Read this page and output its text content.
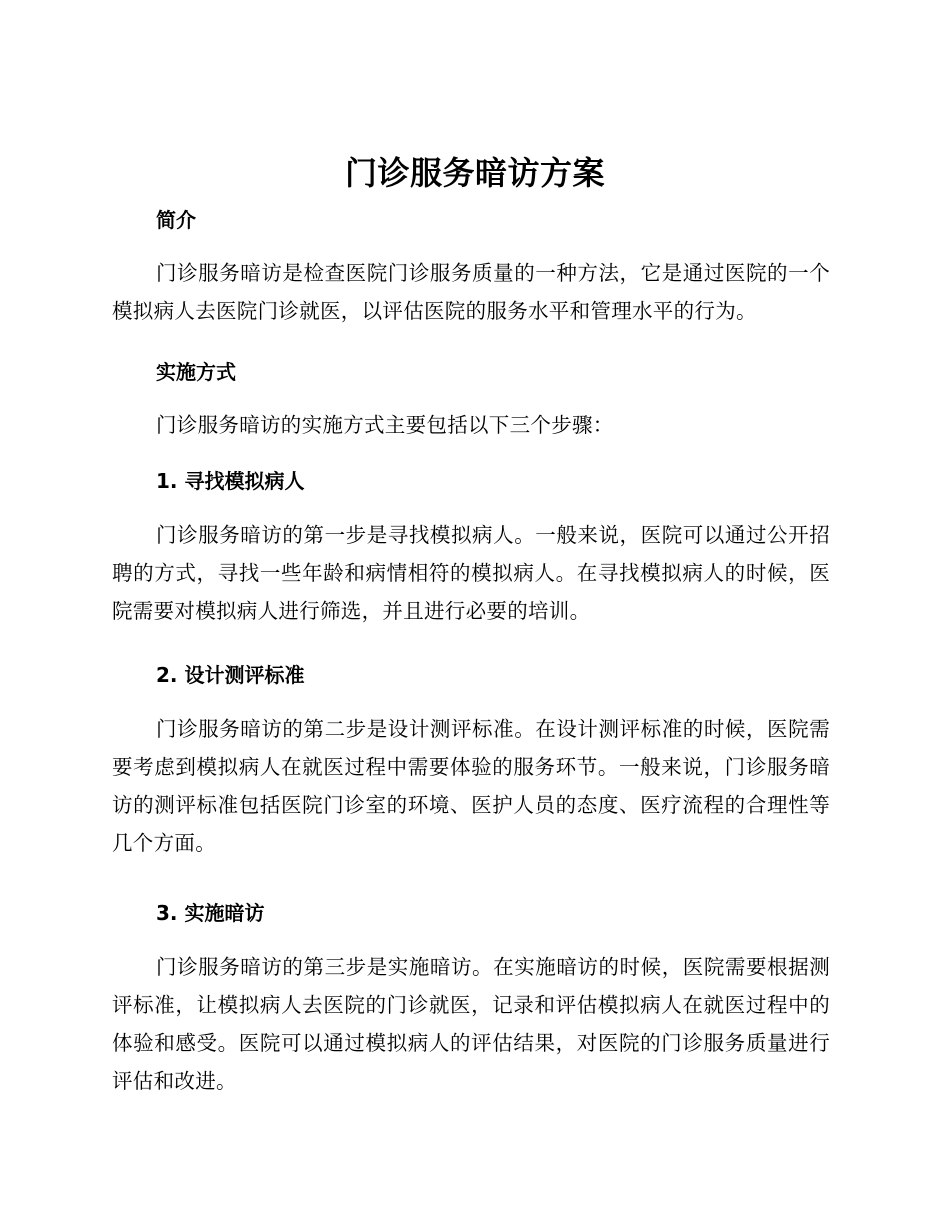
门诊服务暗访方案
简介
门诊服务暗访是检查医院门诊服务质量的一种方法，它是通过医院的一个模拟病人去医院门诊就医，以评估医院的服务水平和管理水平的行为。
实施方式
门诊服务暗访的实施方式主要包括以下三个步骤：
1. 寻找模拟病人
门诊服务暗访的第一步是寻找模拟病人。一般来说，医院可以通过公开招聘的方式，寻找一些年龄和病情相符的模拟病人。在寻找模拟病人的时候，医院需要对模拟病人进行筛选，并且进行必要的培训。
2. 设计测评标准
门诊服务暗访的第二步是设计测评标准。在设计测评标准的时候，医院需要考虑到模拟病人在就医过程中需要体验的服务环节。一般来说，门诊服务暗访的测评标准包括医院门诊室的环境、医护人员的态度、医疗流程的合理性等几个方面。
3. 实施暗访
门诊服务暗访的第三步是实施暗访。在实施暗访的时候，医院需要根据测评标准，让模拟病人去医院的门诊就医，记录和评估模拟病人在就医过程中的体验和感受。医院可以通过模拟病人的评估结果，对医院的门诊服务质量进行评估和改进。
